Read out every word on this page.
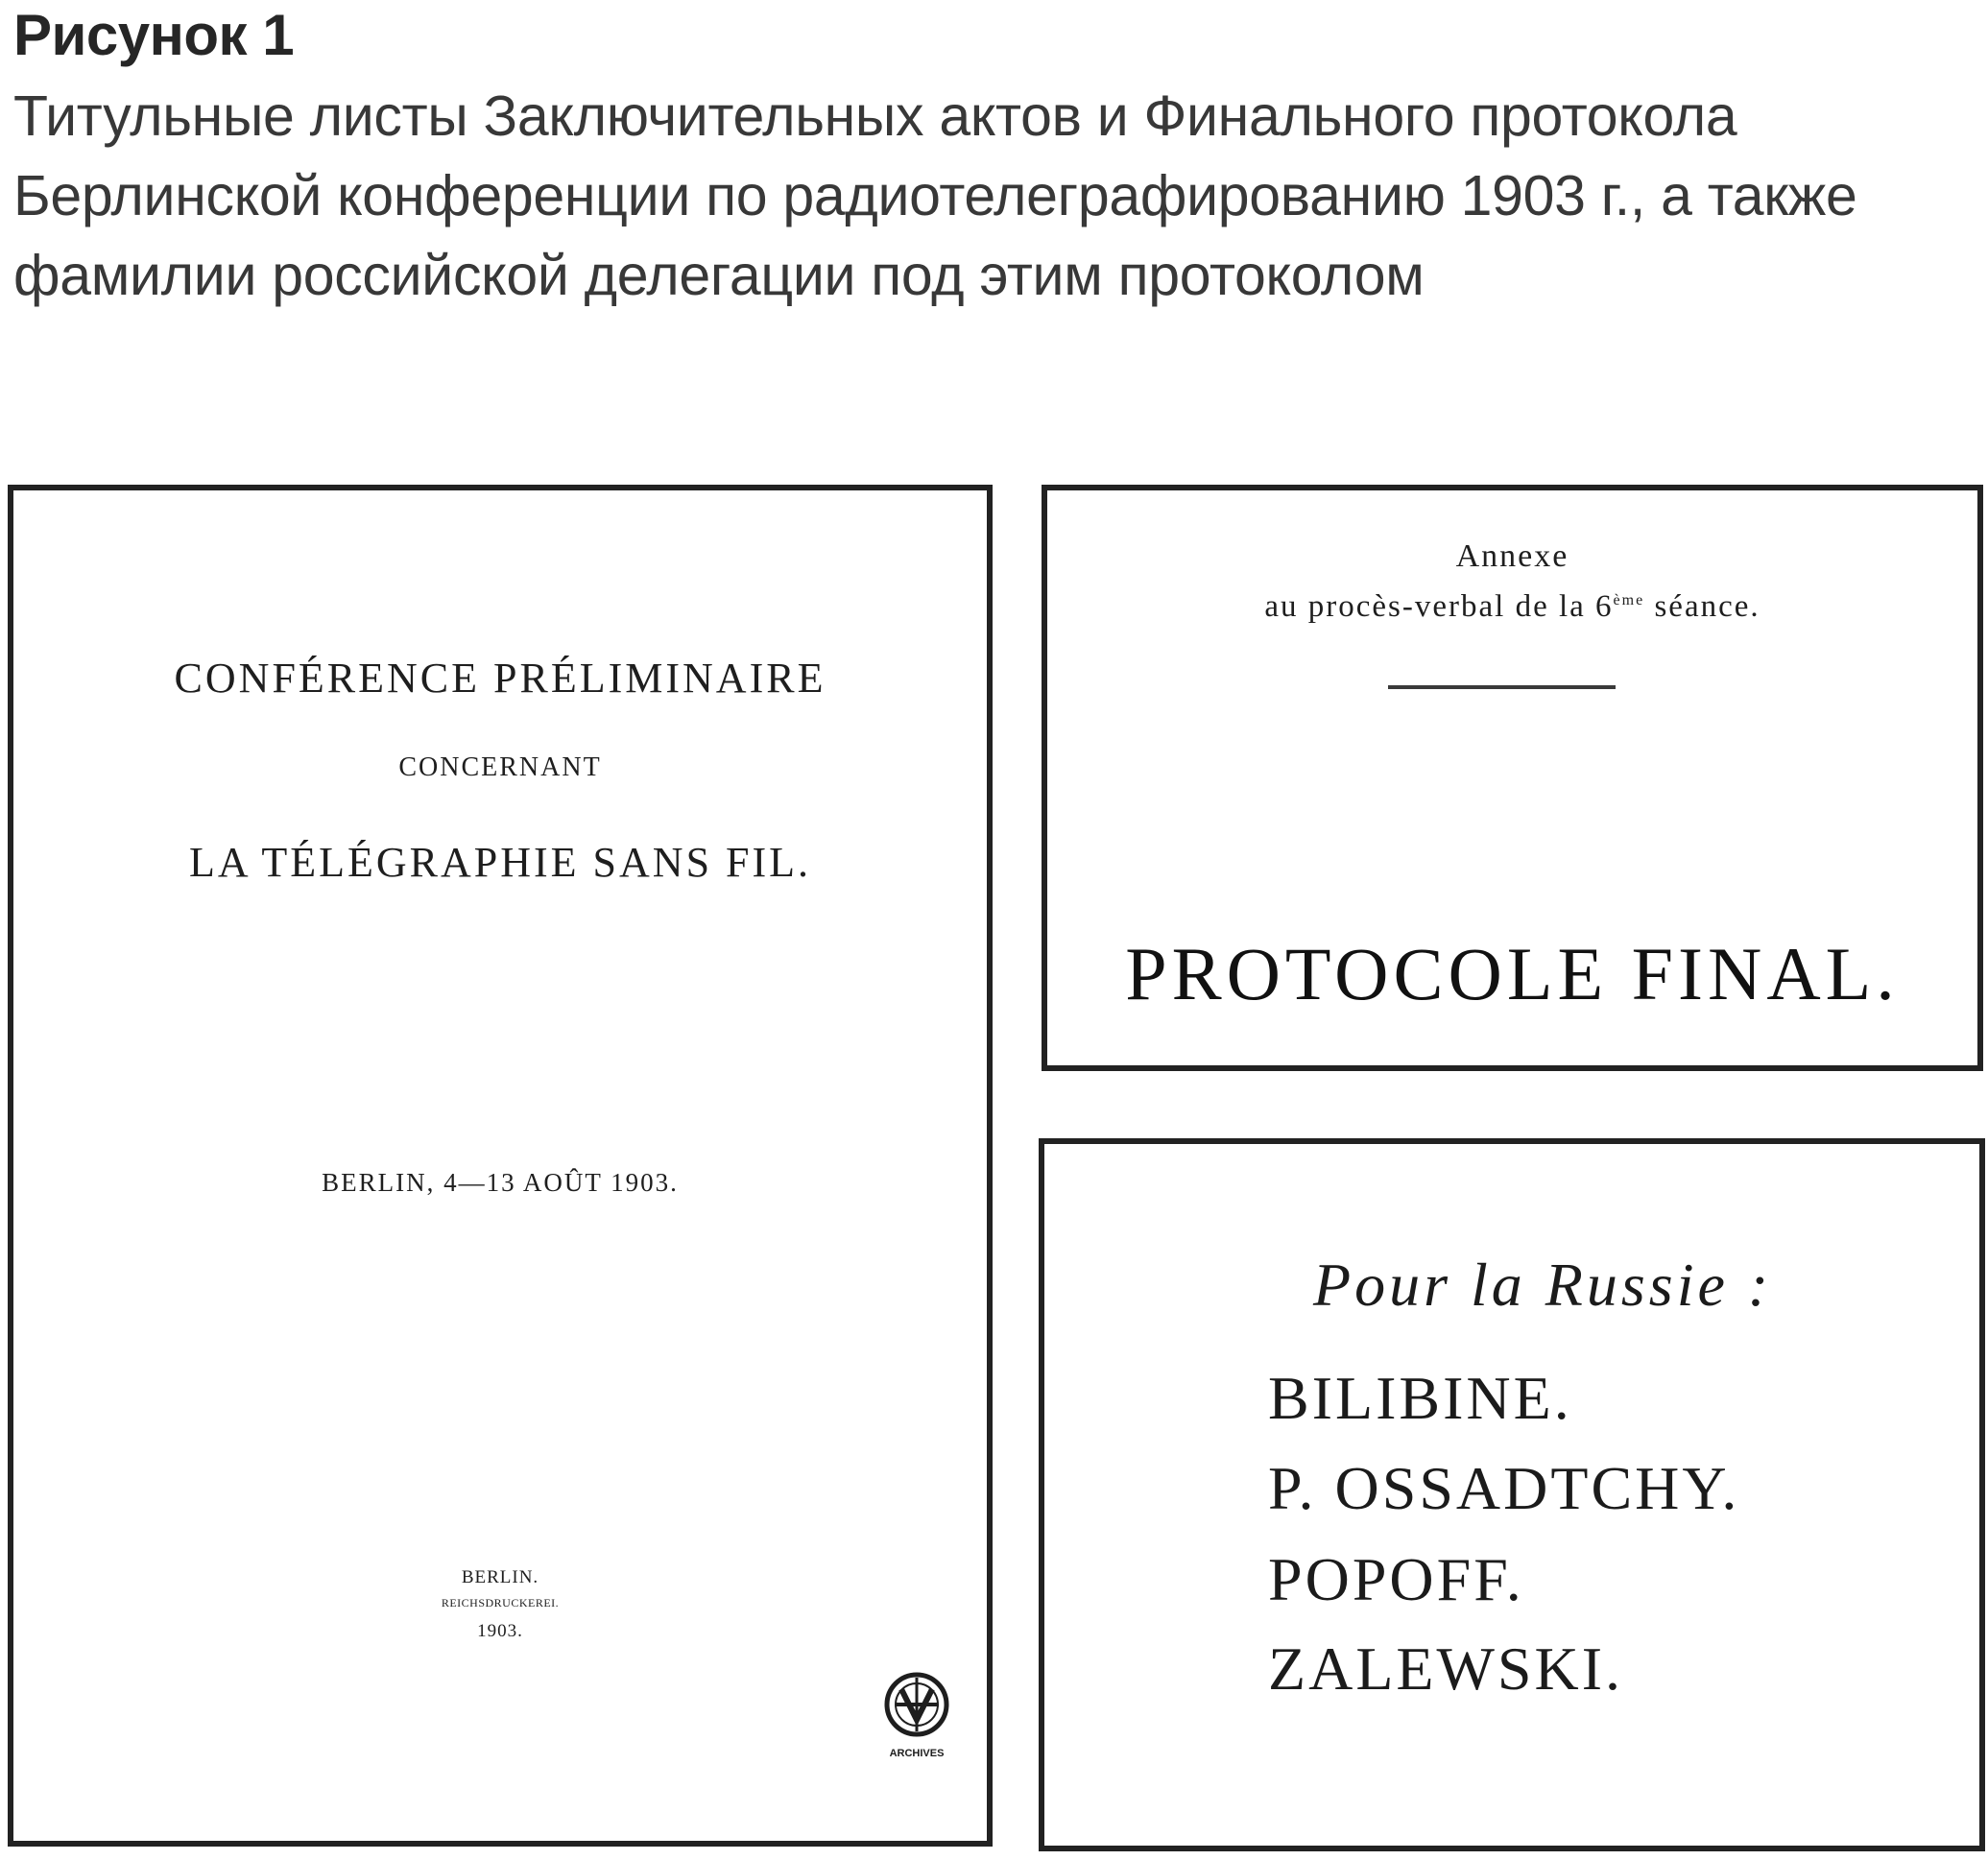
Рисунок 1
Титульные листы Заключительных актов и Финального протокола Берлинской конференции по радиотелеграфированию 1903 г., а также фамилии российской делегации под этим протоколом
CONFÉRENCE PRÉLIMINAIRE
CONCERNANT
LA TÉLÉGRAPHIE SANS FIL.
BERLIN, 4—13 AOÛT 1903.
BERLIN.
REICHSDRUCKEREI.
1903.
ARCHIVES
Annexe
au procès-verbal de la 6ème séance.
PROTOCOLE FINAL.
Pour la Russie :
BILIBINE.
P. OSSADTCHY.
POPOFF.
ZALEWSKI.
